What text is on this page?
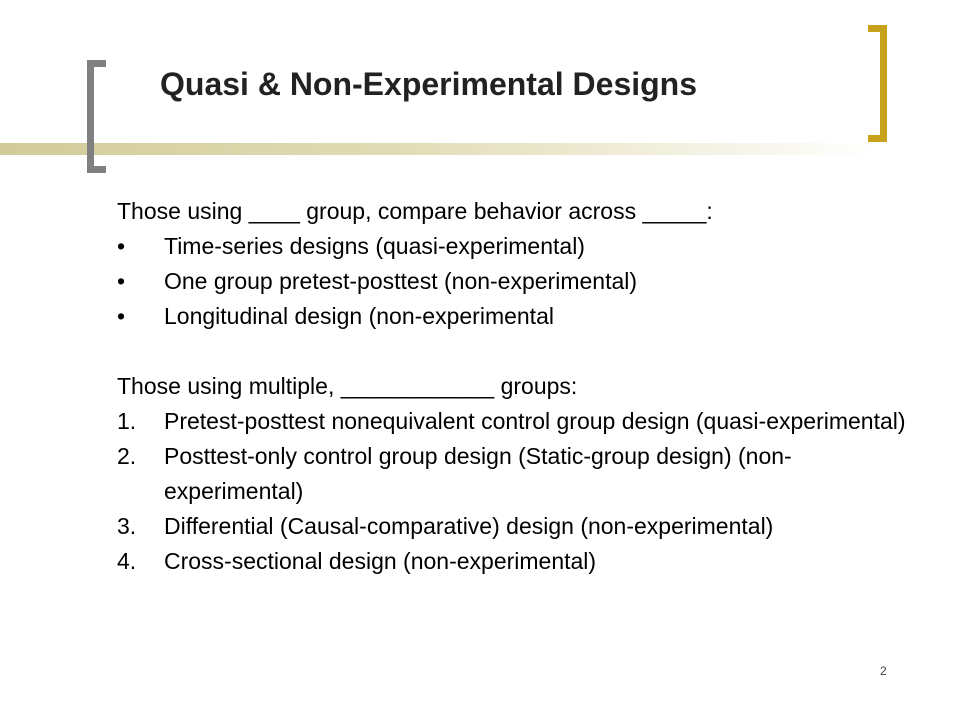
Quasi & Non-Experimental Designs
Those using ____ group, compare behavior across _____:
•	Time-series designs (quasi-experimental)
•	One group pretest-posttest (non-experimental)
•	Longitudinal design (non-experimental
Those using multiple, ____________ groups:
1.	Pretest-posttest nonequivalent control group design (quasi-experimental)
2.	Posttest-only control group design (Static-group design) (non-experimental)
3.	Differential (Causal-comparative) design (non-experimental)
4.	Cross-sectional design (non-experimental)
2
